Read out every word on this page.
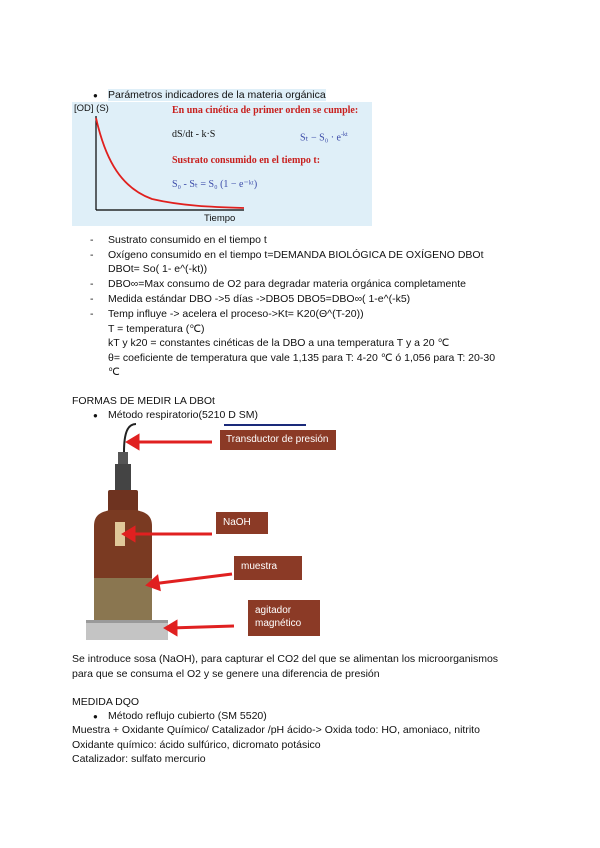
● Parámetros indicadores de la materia orgánica
[OD] (S)
Tiempo
En una cinética de primer orden se cumple:
dS/dt - k·S	$S_t - S_0 \cdot e^{-kt}$
Sustrato consumido en el tiempo t:
S₀ - Sₜ = S₀ (1 − e⁻ᵏᵗ)
- Sustrato consumido en el tiempo t
- Oxígeno consumido en el tiempo t=DEMANDA BIOLÓGICA DE OXÍGENO DBOt
DBOt= So( 1- e^(-kt))
- DBO∞=Max consumo de O2 para degradar materia orgánica completamente
- Medida estándar DBO ->5 días ->DBO5 DBO5=DBO∞( 1-e^(-k5)
- Temp influye -> acelera el proceso->Kt= K20(Θ^(T-20))
T = temperatura (℃)
kT y k20 = constantes cinéticas de la DBO a una temperatura T y a 20 ℃
θ= coeficiente de temperatura que vale 1,135 para T: 4-20 ℃ ó 1,056 para T: 20-30
℃
FORMAS DE MEDIR LA DBOt
● Método respiratorio(5210 D SM)
Transductor de presión
NaOH
muestra
agitador magnético
Se introduce sosa (NaOH), para capturar el CO2 del que se alimentan los microorganismos
para que se consuma el O2 y se genere una diferencia de presión
MEDIDA DQO
● Método reflujo cubierto (SM 5520)
Muestra + Oxidante Químico/ Catalizador /pH ácido-> Oxida todo: HO, amoniaco, nitrito
Oxidante químico: ácido sulfúrico, dicromato potásico
Catalizador: sulfato mercurio
